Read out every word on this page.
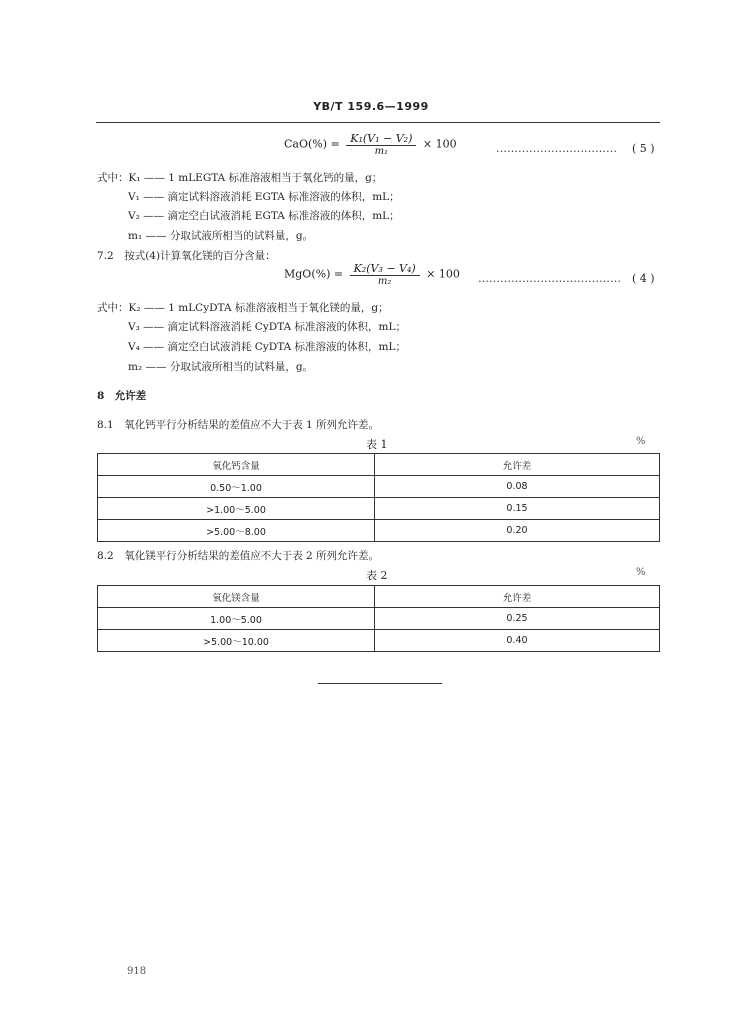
YB/T 159.6—1999
$CaO(\%) = \frac{\text{K₁(V₁ − V₂)}}{\text{m₁}} \times 100$	…………………………… ( 5 )
式中：K₁ —— 1 mLEGTA 标准溶液相当于氧化钙的量，g；
V₁ —— 滴定试料溶液消耗 EGTA 标准溶液的体积，mL；
V₂ —— 滴定空白试液消耗 EGTA 标准溶液的体积，mL；
m₁ —— 分取试液所相当的试料量，g。
7.2　按式(4)计算氧化镁的百分含量：
$MgO(\%) = \frac{\text{K₂(V₃ − V₄)}}{\text{m₂}} \times 100$ ………………………………… ( 4 )
式中：K₂ —— 1 mLCyDTA 标准溶液相当于氧化镁的量，g；
V₃ —— 滴定试料溶液消耗 CyDTA 标准溶液的体积，mL；
V₄ —— 滴定空白试液消耗 CyDTA 标准溶液的体积，mL；
m₂ —— 分取试液所相当的试料量，g。
8　允许差
8.1　氧化钙平行分析结果的差值应不大于表 1 所列允许差。
表 1	%
氧化钙含量	允许差
0.50～1.00	0.08
>1.00～5.00	0.15
>5.00～8.00	0.20
8.2　氧化镁平行分析结果的差值应不大于表 2 所列允许差。
表 2	%
氧化镁含量	允许差
1.00～5.00	0.25
>5.00～10.00	0.40
918
